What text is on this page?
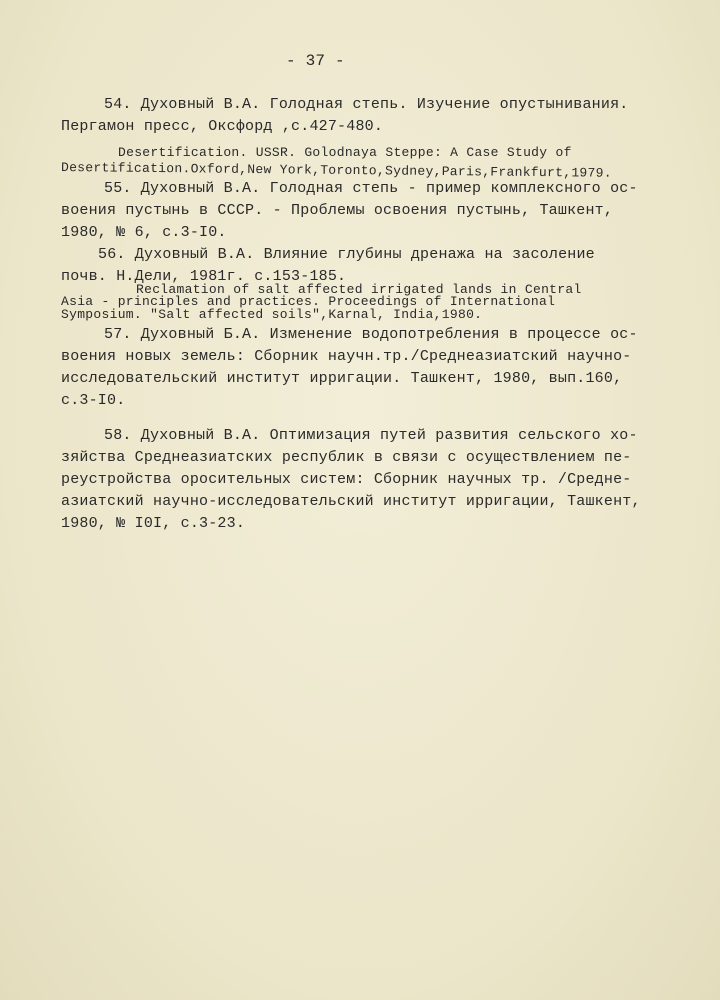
- 37 -
54. Духовный В.А. Голодная степь. Изучение опустынивания.
Пергамон пресс, Оксфорд ,с.427-480.
Desertification. USSR. Golodnaya Steppe: A Case Study of
Desertification.Oxford,New York,Toronto,Sydney,Paris,Frankfurt,1979.
55. Духовный В.А. Голодная степь - пример комплексного ос-
воения пустынь в СССР. - Проблемы освоения пустынь, Ташкент,
1980, № 6, с.3-I0.
56. Духовный В.А. Влияние глубины дренажа на засоление
почв. Н.Дели, 1981г. с.153-185.
Reclamation of salt affected irrigated lands in Central
Asia - principles and practices. Proceedings of International
Symposium. "Salt affected soils",Karnal, India,1980.
57. Духовный Б.А. Изменение водопотребления в процессе ос-
воения новых земель: Сборник научн.тр./Среднеазиатский научно-
исследовательский институт ирригации. Ташкент, 1980, вып.160,
с.3-I0.
58. Духовный В.А. Оптимизация путей развития сельского хо-
зяйства Среднеазиатских республик в связи с осуществлением пе-
реустройства оросительных систем: Сборник научных тр. /Средне-
азиатский научно-исследовательский институт ирригации, Ташкент,
1980, № I0I, с.3-23.
